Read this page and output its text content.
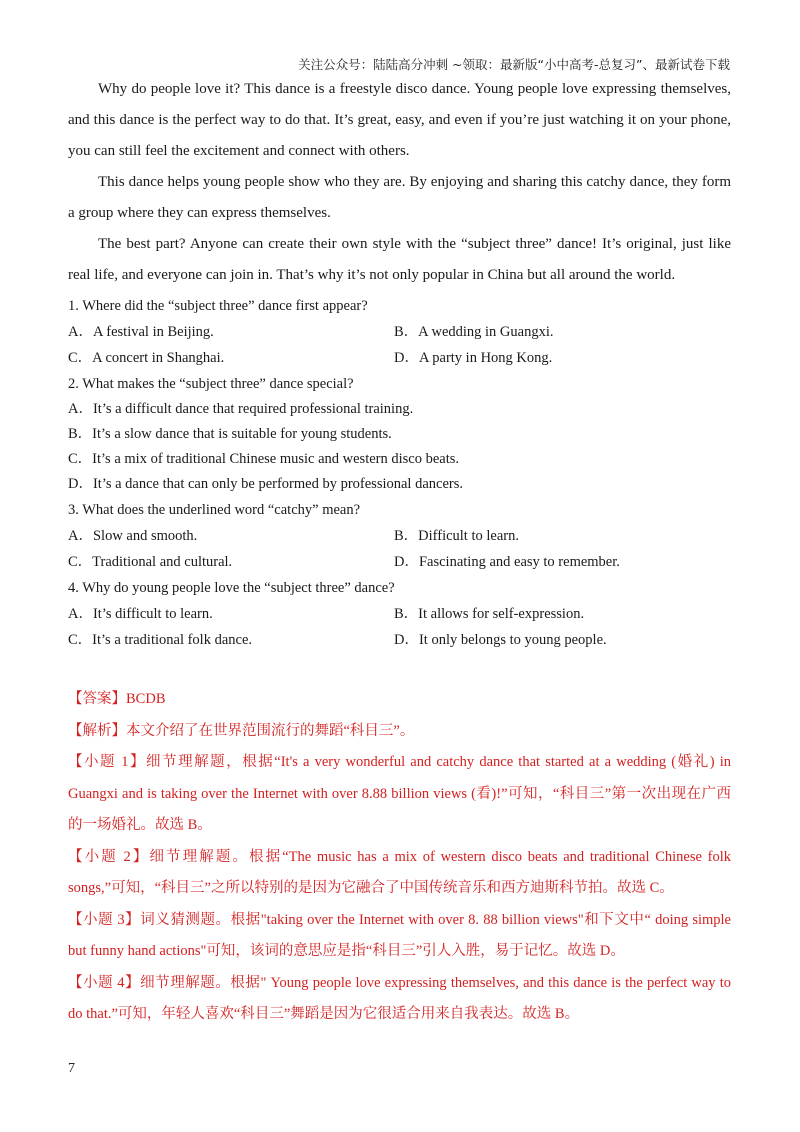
关注公众号：陆陆高分冲刺 ~领取：最新版“小中高考-总复习”、最新试卷下载

Why do people love it? This dance is a freestyle disco dance. Young people love expressing themselves, and this dance is the perfect way to do that. It’s great, easy, and even if you’re just watching it on your phone, you can still feel the excitement and connect with others.

This dance helps young people show who they are. By enjoying and sharing this catchy dance, they form a group where they can express themselves.

The best part? Anyone can create their own style with the “subject three” dance! It’s original, just like real life, and everyone can join in. That’s why it’s not only popular in China but all around the world.

1. Where did the “subject three” dance first appear?

A．A festival in Beijing.	B．A wedding in Guangxi.
C．A concert in Shanghai.	D．A party in Hong Kong.

2. What makes the “subject three” dance special?

A．It’s a difficult dance that required professional training.
B．It’s a slow dance that is suitable for young students.
C．It’s a mix of traditional Chinese music and western disco beats.
D．It’s a dance that can only be performed by professional dancers.

3. What does the underlined word “catchy” mean?

A．Slow and smooth.	B．Difficult to learn.
C．Traditional and cultural.	D．Fascinating and easy to remember.

4. Why do young people love the “subject three” dance?

A．It’s difficult to learn.	B．It allows for self-expression.
C．It’s a traditional folk dance.	D．It only belongs to young people.

【答案】BCDB

【解析】本文介绍了在世界范围流行的舞蹈“科目三”。

【小题 1】细节理解题，根据“It's a very wonderful and catchy dance that started at a wedding (婚礼) in Guangxi and is taking over the Internet with over 8.88 billion views (看)!”可知，“科目三”第一次出现在广西的一场婚礼。故选 B。

【小题 2】细节理解题。根据“The music has a mix of western disco beats and traditional Chinese folk songs,”可知，“科目三”之所以特别的是因为它融合了中国传统音乐和西方迪斯科节拍。故选 C。

【小题 3】词义猜测题。根据"taking over the Internet with over 8. 88 billion views"和下文中“ doing simple but funny hand actions"可知，该词的意思应是指“科目三”引人入胜，易于记忆。故选 D。

【小题 4】细节理解题。根据" Young people love expressing themselves, and this dance is the perfect way to do that.”可知，年轻人喜欢“科目三”舞蹈是因为它很适合用来自我表达。故选 B。

7
